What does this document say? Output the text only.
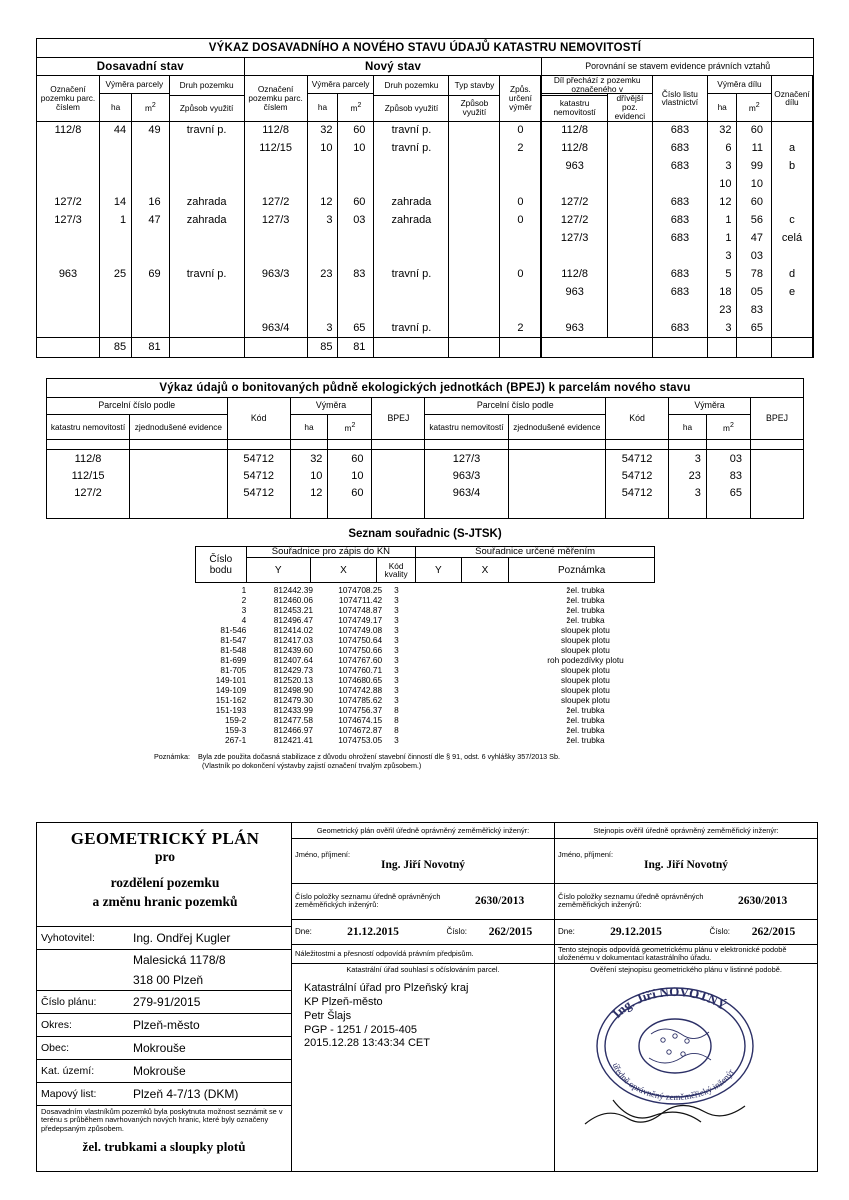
VÝKAZ DOSAVADNÍHO A NOVÉHO STAVU ÚDAJŮ KATASTRU NEMOVITOSTÍ																
Dosavadní stav				Nový stav						Porovnání se stavem evidence právních vztahů						
Označení pozemku parc. číslem	Výměra parcely		Druh pozemku	Označení pozemku parc. číslem	Výměra parcely		Druh pozemku	Typ stavby	Způs. určení výměr			Díl přechází z pozemku označeného v		Číslo listu vlastnictví	Výměra dílu		Označení dílu			
	ha	$m^2$			ha	$m^2$					dřívější poz. evidenci		ha	$m^2$			
			Způsob využití				Způsob využití	Způsob využití			katastru nemovitostí						
112/8	44	49	travní p.	112/8	32	60	travní p.		0			112/8		683	32	60				
				112/15	10	10	travní p.		2			112/8		683	6	11	a			
												963		683	3	99	b			
															10	10				
127/2	14	16	zahrada	127/2	12	60	zahrada		0			127/2		683	12	60				
127/3	1	47	zahrada	127/3	3	03	zahrada		0			127/2		683	1	56	c			
												127/3		683	1	47	celá			
															3	03				
963	25	69	travní p.	963/3	23	83	travní p.		0			112/8		683	5	78	d			
												963		683	18	05	e			
															23	83				
				963/4	3	65	travní p.		2			963		683	3	65				
	85	81			85	81													
Výkaz údajů o bonitovaných půdně ekologických jednotkách (BPEJ) k parcelám nového stavu											
Parcelní číslo podle		Kód	Výměra		BPEJ	Parcelní číslo podle		Kód	Výměra		BPEJ
katastru nemovitostí	zjednodušené evidence		ha	$m^2$		katastru nemovitostí	zjednodušené evidence		ha	$m^2$

112/8		54712	32	60		127/3		54712	3	03	
112/15		54712	10	10		963/3		54712	23	83	
127/2		54712	12	60		963/4		54712	3	65	

Seznam souřadnic (S-JTSK)
Číslo
bodu	Souřadnice pro zápis do KN			Souřadnice určené měřením		
	Y	X	Kód
kvality	Y	X	Poznámka
1	812442.39	1074708.25	3			žel. trubka
2	812460.06	1074711.42	3			žel. trubka
3	812453.21	1074748.87	3			žel. trubka
4	812496.47	1074749.17	3			žel. trubka
81-546	812414.02	1074749.08	3			sloupek plotu
81-547	812417.03	1074750.64	3			sloupek plotu
81-548	812439.60	1074750.66	3			sloupek plotu
81-699	812407.64	1074767.60	3			roh podezdívky plotu
81-705	812429.73	1074760.71	3			sloupek plotu
149-101	812520.13	1074680.65	3			sloupek plotu
149-109	812498.90	1074742.88	3			sloupek plotu
151-162	812479.30	1074785.62	3			sloupek plotu
151-193	812433.99	1074756.37	8			žel. trubka
159-2	812477.58	1074674.15	8			žel. trubka
159-3	812466.97	1074672.87	8			žel. trubka
267-1	812421.41	1074753.05	3			žel. trubka
Poznámka: Byla zde použita dočasná stabilizace z důvodu ohrožení stavební činností dle § 91, odst. 6 vyhlášky 357/2013 Sb.
(Vlastník po dokončení výstavby zajistí označení trvalým způsobem.)
GEOMETRICKÝ PLÁN
pro
rozdělení pozemku
a změnu hranic pozemků
Vyhotovitel:	Ing. Ondřej Kugler
	Malesická 1178/8
	318 00 Plzeň
Číslo plánu:	279-91/2015
Okres:	Plzeň-město
Obec:	Mokrouše
Kat. území:	Mokrouše
Mapový list:	Plzeň 4-7/13 (DKM)
Dosavadním vlastníkům pozemků byla poskytnuta možnost seznámit se v terénu s průběhem navrhovaných nových hranic, které byly označeny předepsaným způsobem.
žel. trubkami a sloupky plotů
	Geometrický plán ověřil úředně oprávněný zeměměřický inženýr:	Stejnopis ověřil úředně oprávněný zeměměřický inženýr:

Jméno, příjmení:
Ing. Jiří Novotný

Jméno, příjmení:
Ing. Jiří Novotný

Číslo položky seznamu úředně oprávněných zeměměřických inženýrů:	2630/2013	Číslo položky seznamu úředně oprávněných zeměměřických inženýrů:	2630/2013

Dne:	21.12.2015	Číslo:	262/2015	Dne:	29.12.2015	Číslo:	262/2015

Náležitostmi a přesností odpovídá právním předpisům.	Tento stejnopis odpovídá geometrickému plánu v elektronické podobě uloženému v dokumentaci katastrálního úřadu.

Katastrální úřad souhlasí s očíslováním parcel.
Katastrální úřad pro Plzeňský kraj
KP Plzeň-město
Petr Šlajs
PGP - 1251 / 2015-405
2015.12.28 13:43:34 CET

Ověření stejnopisu geometrického plánu v listinné podobě.
Ing. Jiří NOVOTNÝ
úředně oprávněný zeměměřický inženýr
